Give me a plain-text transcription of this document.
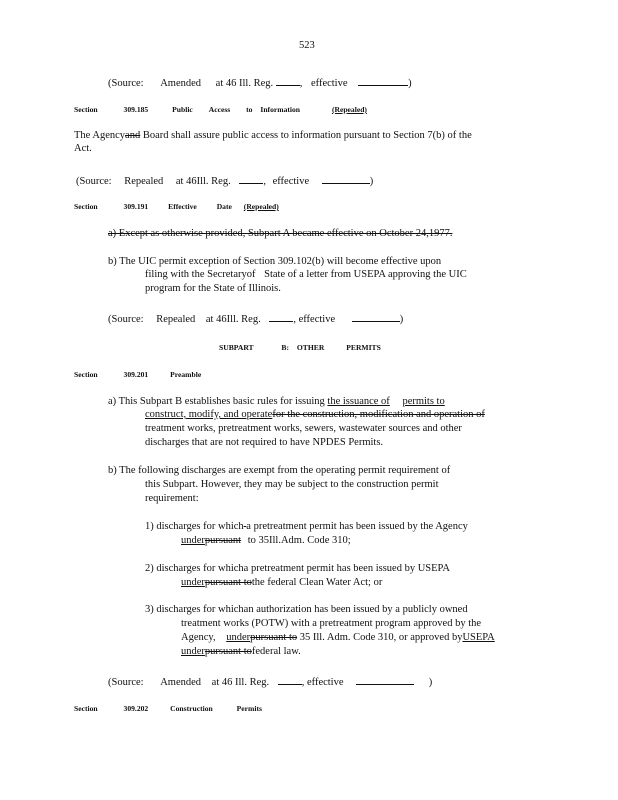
523
(Source: Amended at 46 Ill. Reg.	, effective	)
Section	309.185	Public Access to Information	(Repealed)
The Agencyand Board shall assure public access to information pursuant to Section 7(b) of the
Act.
(Source: Repealed at 46Ill. Reg.	, effective	)
Section	309.191	Effective	Date (Repealed)
a) Except as otherwise provided, Subpart A became effective on October 24,1977.
b) The UIC permit exception of Section 309.102(b) will become effective upon
filing with the Secretaryof State of a letter from USEPA approving the UIC
program for the State of Illinois.
(Source: Repealed at 46Ill. Reg.	, effective	)
SUBPART	B: OTHER	PERMITS
Section	309.201	Preamble
a) This Subpart B establishes basic rules for issuing the issuance of permits to
construct, modify, and operatefor the construction, modification and operation of
treatment works, pretreatment works, sewers, wastewater sources and other
discharges that are not required to have NPDES Permits.
b) The following discharges are exempt from the operating permit requirement of
this Subpart. However, they may be subject to the construction permit
requirement:
1) discharges for which a pretreatment permit has been issued by the Agency
underpursuant to 35Ill.Adm. Code 310;
2) discharges for whicha pretreatment permit has been issued by USEPA
underpursuant tothe federal Clean Water Act; or
3) discharges for whichan authorization has been issued by a publicly owned
treatment works (POTW) with a pretreatment program approved by the
Agency, underpursuant to 35 Ill. Adm. Code 310, or approved byUSEPA
underpursuant tofederal law.
(Source: Amended at 46 Ill. Reg.	, effective	)
Section	309.202	Construction	Permits
